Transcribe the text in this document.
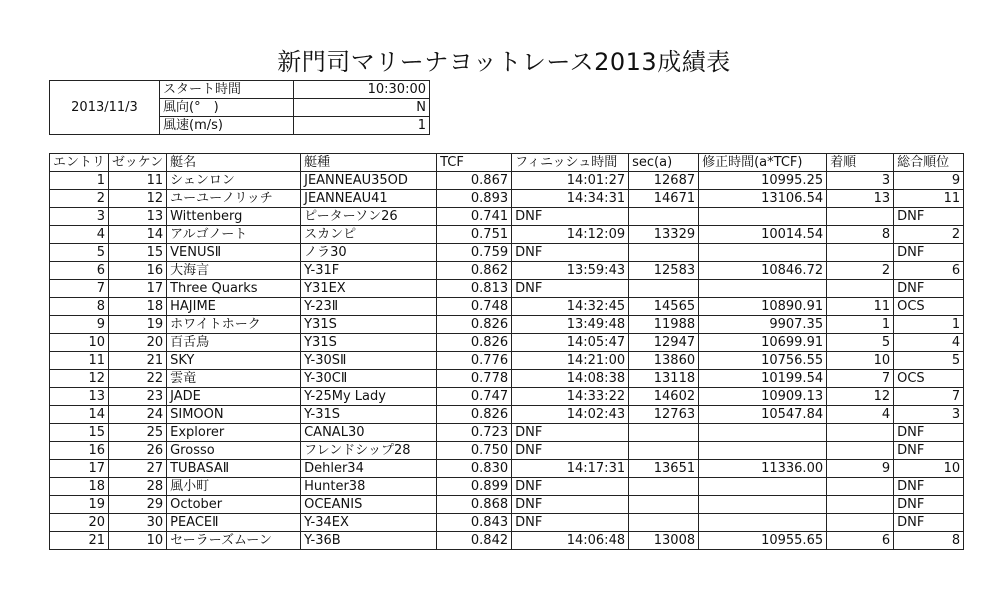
新門司マリーナヨットレース2013成績表
2013/11/3	スタート時間	10:30:00
	風向(°　)	N
	風速(m/s)	1
エントリ	ゼッケン	艇名	艇種	TCF	フィニッシュ時間	sec(a)	修正時間(a*TCF)	着順	総合順位
1	11	シェンロン	JEANNEAU35OD	0.867	14:01:27	12687	10995.25	3	9
2	12	ユーユーノリッチ	JEANNEAU41	0.893	14:34:31	14671	13106.54	13	11
3	13	Wittenberg	ピーターソン26	0.741	DNF				DNF
4	14	アルゴノート	スカンピ	0.751	14:12:09	13329	10014.54	8	2
5	15	VENUSⅡ	ノラ30	0.759	DNF				DNF
6	16	大海言	Y-31F	0.862	13:59:43	12583	10846.72	2	6
7	17	Three Quarks	Y31EX	0.813	DNF				DNF
8	18	HAJIME	Y-23Ⅱ	0.748	14:32:45	14565	10890.91	11	OCS
9	19	ホワイトホーク	Y31S	0.826	13:49:48	11988	9907.35	1	1
10	20	百舌鳥	Y31S	0.826	14:05:47	12947	10699.91	5	4
11	21	SKY	Y-30SⅡ	0.776	14:21:00	13860	10756.55	10	5
12	22	雲竜	Y-30CⅡ	0.778	14:08:38	13118	10199.54	7	OCS
13	23	JADE	Y-25My Lady	0.747	14:33:22	14602	10909.13	12	7
14	24	SIMOON	Y-31S	0.826	14:02:43	12763	10547.84	4	3
15	25	Explorer	CANAL30	0.723	DNF				DNF
16	26	Grosso	フレンドシップ28	0.750	DNF				DNF
17	27	TUBASAⅡ	Dehler34	0.830	14:17:31	13651	11336.00	9	10
18	28	風小町	Hunter38	0.899	DNF				DNF
19	29	October	OCEANIS	0.868	DNF				DNF
20	30	PEACEⅡ	Y-34EX	0.843	DNF				DNF
21	10	セーラーズムーン	Y-36B	0.842	14:06:48	13008	10955.65	6	8
